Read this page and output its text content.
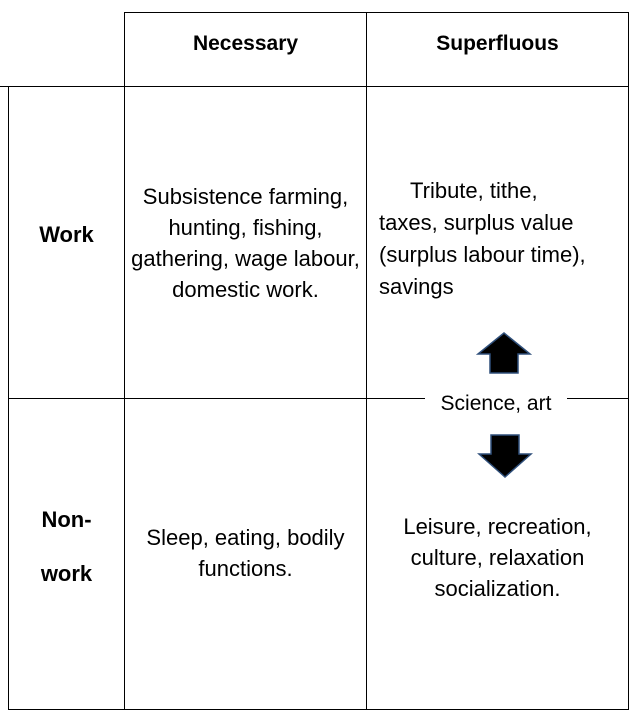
Necessary	Superfluous
Work
Non-
work
Subsistence farming, hunting, fishing, gathering, wage labour, domestic work.
Tribute, tithe,
taxes, surplus value
(surplus labour time),
savings
Science, art
Sleep, eating, bodily functions.
Leisure, recreation, culture, relaxation socialization.
